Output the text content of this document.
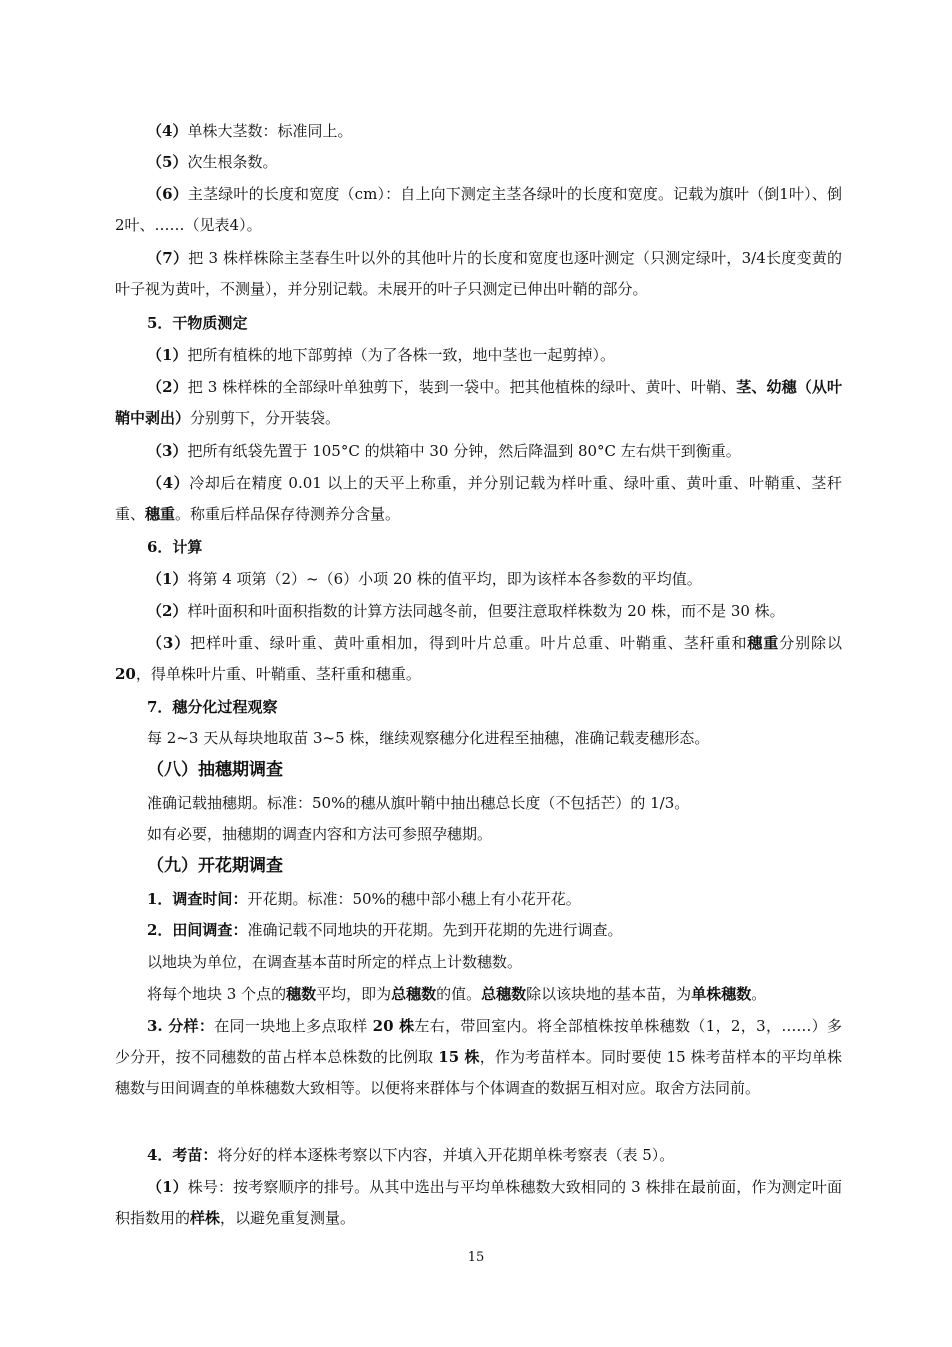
（4）单株大茎数：标准同上。

（5）次生根条数。

（6）主茎绿叶的长度和宽度（cm）：自上向下测定主茎各绿叶的长度和宽度。记载为旗叶（倒1叶）、倒2叶、……（见表4）。

（7）把 3 株样株除主茎春生叶以外的其他叶片的长度和宽度也逐叶测定（只测定绿叶，3/4长度变黄的叶子视为黄叶，不测量），并分别记载。未展开的叶子只测定已伸出叶鞘的部分。

5．干物质测定

（1）把所有植株的地下部剪掉（为了各株一致，地中茎也一起剪掉）。

（2）把 3 株样株的全部绿叶单独剪下，装到一袋中。把其他植株的绿叶、黄叶、叶鞘、茎、幼穗（从叶鞘中剥出）分别剪下，分开装袋。

（3）把所有纸袋先置于 105°C 的烘箱中 30 分钟，然后降温到 80°C 左右烘干到衡重。

（4）冷却后在精度 0.01 以上的天平上称重，并分别记载为样叶重、绿叶重、黄叶重、叶鞘重、茎秆重、穗重。称重后样品保存待测养分含量。

6．计算

（1）将第 4 项第（2）~（6）小项 20 株的值平均，即为该样本各参数的平均值。

（2）样叶面积和叶面积指数的计算方法同越冬前，但要注意取样株数为 20 株，而不是 30 株。

（3）把样叶重、绿叶重、黄叶重相加，得到叶片总重。叶片总重、叶鞘重、茎秆重和穗重分别除以 20，得单株叶片重、叶鞘重、茎秆重和穗重。

7．穗分化过程观察

每 2~3 天从每块地取苗 3~5 株，继续观察穗分化进程至抽穗，准确记载麦穗形态。

（八）抽穗期调查

准确记载抽穗期。标准：50%的穗从旗叶鞘中抽出穗总长度（不包括芒）的 1/3。

如有必要，抽穗期的调查内容和方法可参照孕穗期。

（九）开花期调查

1．调查时间：开花期。标准：50%的穗中部小穗上有小花开花。

2．田间调查：准确记载不同地块的开花期。先到开花期的先进行调查。

以地块为单位，在调查基本苗时所定的样点上计数穗数。

将每个地块 3 个点的穗数平均，即为总穗数的值。总穗数除以该块地的基本苗，为单株穗数。

3. 分样：在同一块地上多点取样 20 株左右，带回室内。将全部植株按单株穗数（1，2，3，……）多少分开，按不同穗数的苗占样本总株数的比例取 15 株，作为考苗样本。同时要使 15 株考苗样本的平均单株穗数与田间调查的单株穗数大致相等。以便将来群体与个体调查的数据互相对应。取舍方法同前。

4．考苗：将分好的样本逐株考察以下内容，并填入开花期单株考察表（表 5）。

（1）株号：按考察顺序的排号。从其中选出与平均单株穗数大致相同的 3 株排在最前面，作为测定叶面积指数用的样株，以避免重复测量。

15
